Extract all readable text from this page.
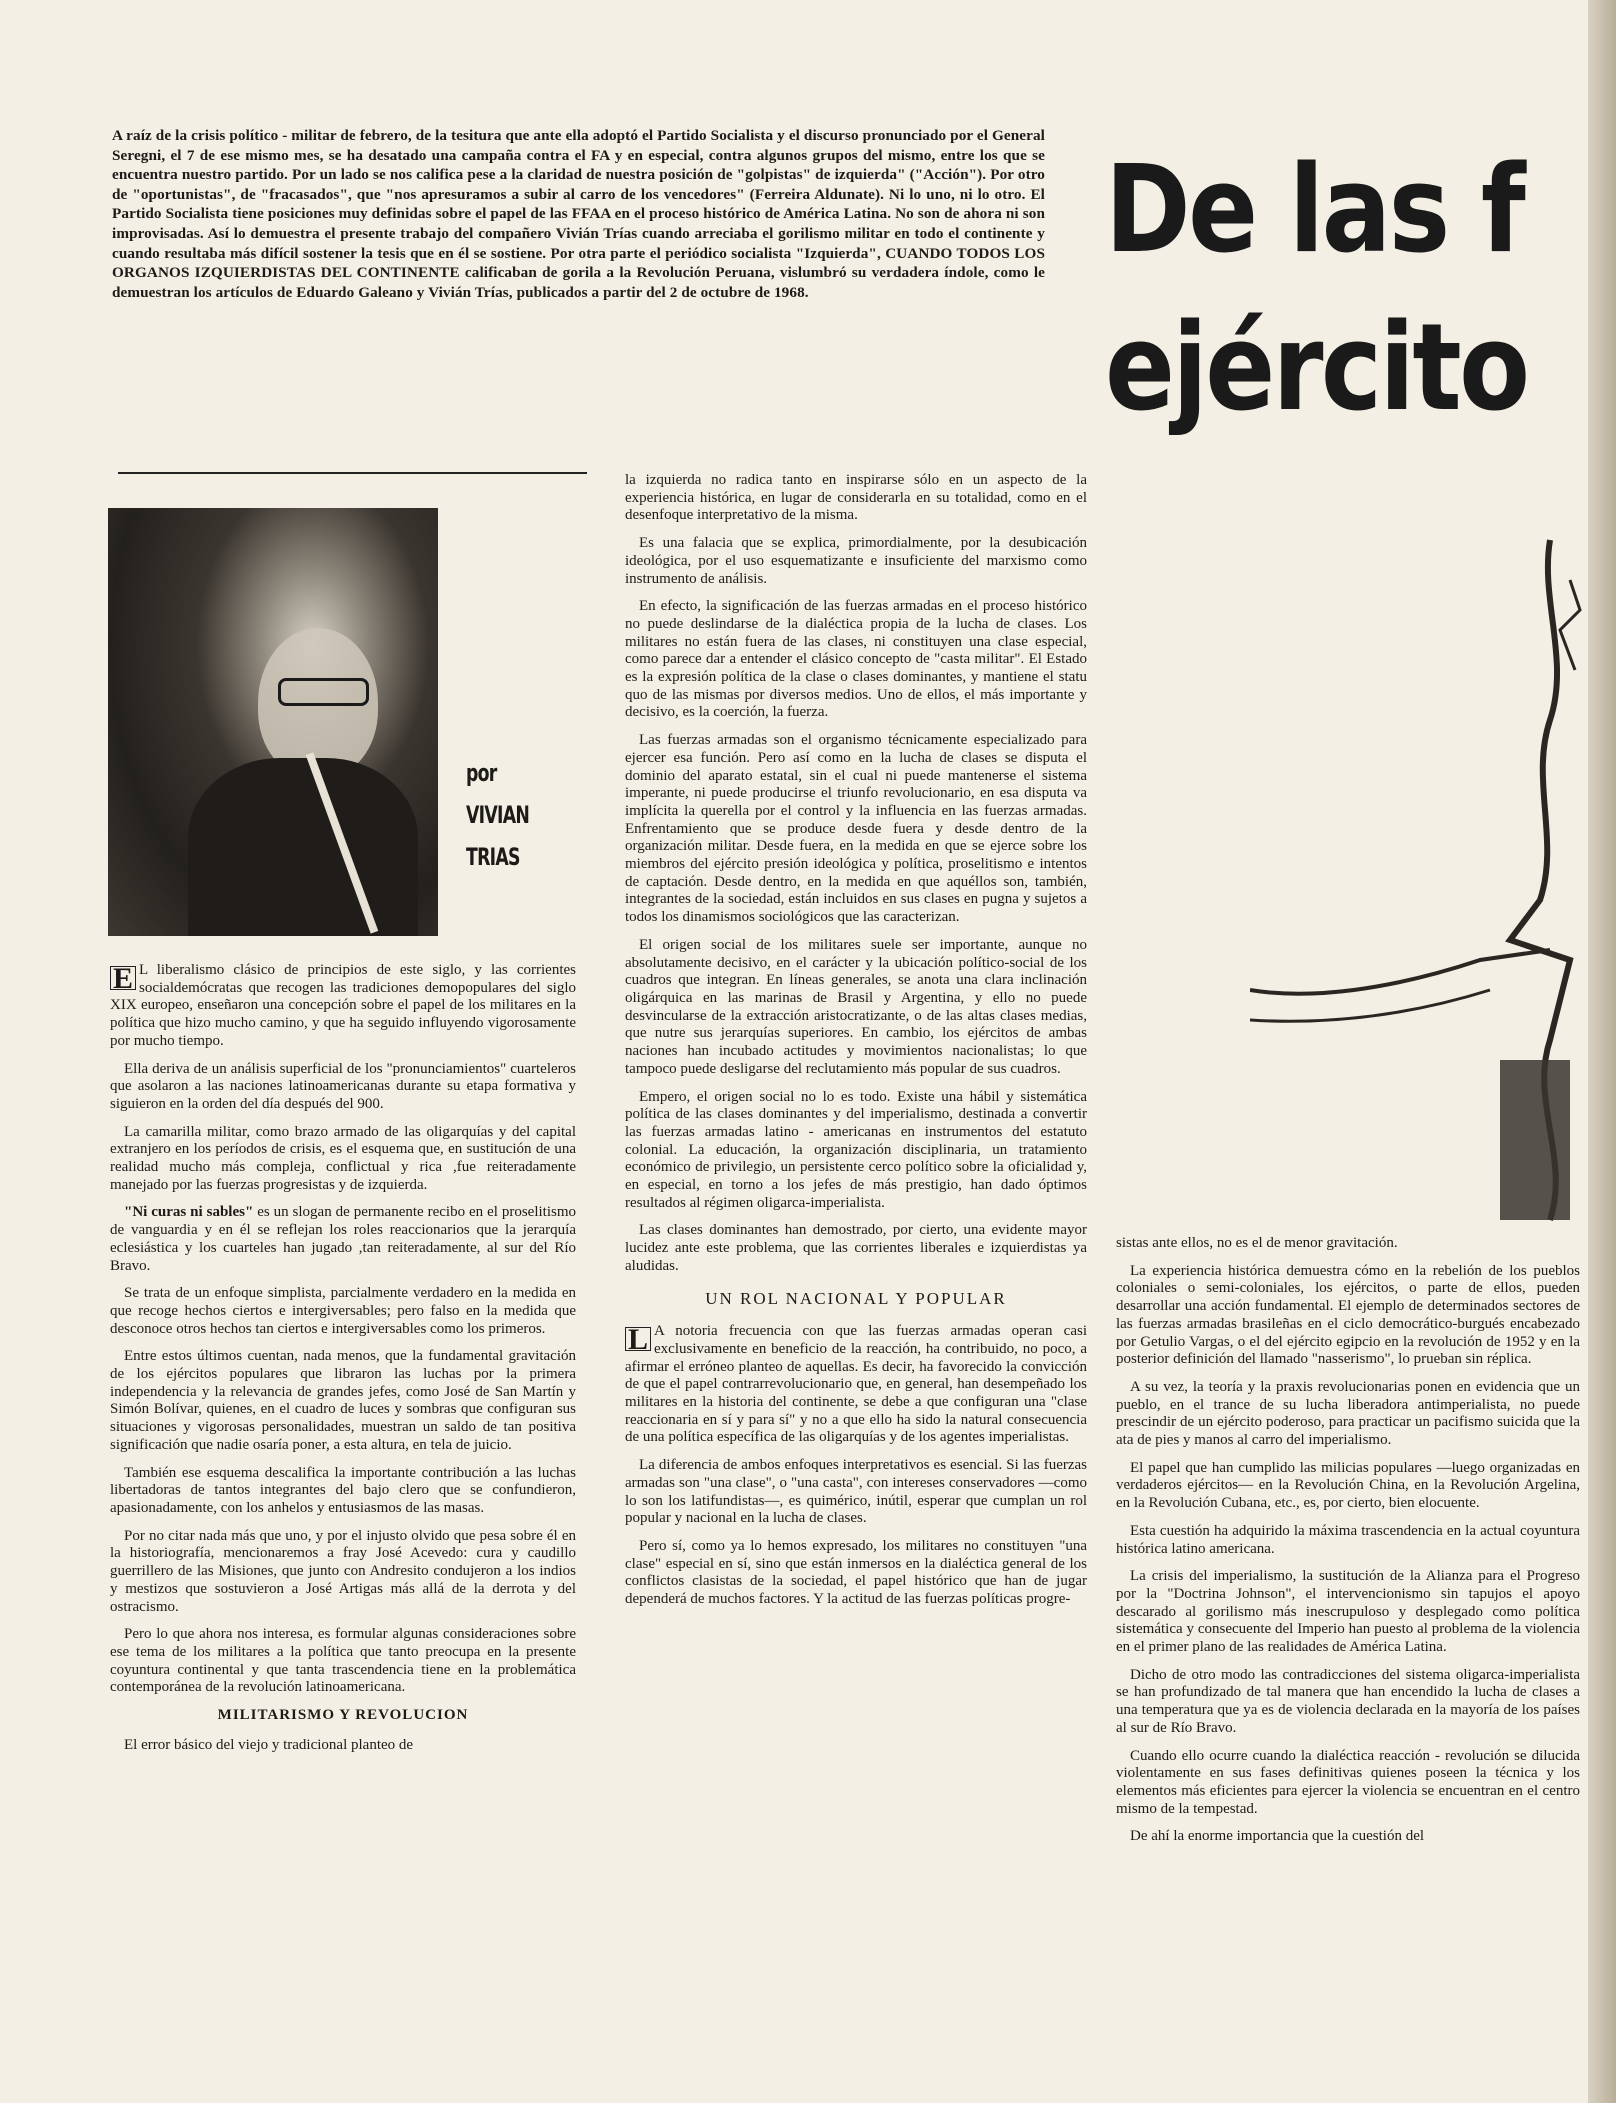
A raíz de la crisis político - militar de febrero, de la tesitura que ante ella adoptó el Partido Socialista y el discurso pronunciado por el General Seregni, el 7 de ese mismo mes, se ha desatado una campaña contra el FA y en especial, contra algunos grupos del mismo, entre los que se encuentra nuestro partido. Por un lado se nos califica pese a la claridad de nuestra posición de "golpistas" de izquierda" ("Acción"). Por otro de "oportunistas", de "fracasados", que "nos apresuramos a subir al carro de los vencedores" (Ferreira Aldunate). Ni lo uno, ni lo otro. El Partido Socialista tiene posiciones muy definidas sobre el papel de las FFAA en el proceso histórico de América Latina. No son de ahora ni son improvisadas. Así lo demuestra el presente trabajo del compañero Vivián Trías cuando arreciaba el gorilismo militar en todo el continente y cuando resultaba más difícil sostener la tesis que en él se sostiene. Por otra parte el periódico socialista "Izquierda", CUANDO TODOS LOS ORGANOS IZQUIERDISTAS DEL CONTINENTE calificaban de gorila a la Revolución Peruana, vislumbró su verdadera índole, como le demuestran los artículos de Eduardo Galeano y Vivián Trías, publicados a partir del 2 de octubre de 1968.

De las f
ejército
por
VIVIAN
TRIAS

E L liberalismo clásico de principios de este siglo, y las corrientes socialdemócratas que recogen las tradiciones demopopulares del siglo XIX europeo, enseñaron una concepción sobre el papel de los militares en la política que hizo mucho camino, y que ha seguido influyendo vigorosamente por mucho tiempo.

Ella deriva de un análisis superficial de los "pronunciamientos" cuarteleros que asolaron a las naciones latinoamericanas durante su etapa formativa y siguieron en la orden del día después del 900.

La camarilla militar, como brazo armado de las oligarquías y del capital extranjero en los períodos de crisis, es el esquema que, en sustitución de una realidad mucho más compleja, conflictual y rica ,fue reiteradamente manejado por las fuerzas progresistas y de izquierda.

"Ni curas ni sables" es un slogan de permanente recibo en el proselitismo de vanguardia y en él se reflejan los roles reaccionarios que la jerarquía eclesiástica y los cuarteles han jugado ,tan reiteradamente, al sur del Río Bravo.

Se trata de un enfoque simplista, parcialmente verdadero en la medida en que recoge hechos ciertos e intergiversables; pero falso en la medida que desconoce otros hechos tan ciertos e intergiversables como los primeros.

Entre estos últimos cuentan, nada menos, que la fundamental gravitación de los ejércitos populares que libraron las luchas por la primera independencia y la relevancia de grandes jefes, como José de San Martín y Simón Bolívar, quienes, en el cuadro de luces y sombras que configuran sus situaciones y vigorosas personalidades, muestran un saldo de tan positiva significación que nadie osaría poner, a esta altura, en tela de juicio.

También ese esquema descalifica la importante contribución a las luchas libertadoras de tantos integrantes del bajo clero que se confundieron, apasionadamente, con los anhelos y entusiasmos de las masas.

Por no citar nada más que uno, y por el injusto olvido que pesa sobre él en la historiografía, mencionaremos a fray José Acevedo: cura y caudillo guerrillero de las Misiones, que junto con Andresito condujeron a los indios y mestizos que sostuvieron a José Artigas más allá de la derrota y del ostracismo.

Pero lo que ahora nos interesa, es formular algunas consideraciones sobre ese tema de los militares a la política que tanto preocupa en la presente coyuntura continental y que tanta trascendencia tiene en la problemática contemporánea de la revolución latinoamericana.

MILITARISMO Y REVOLUCION

El error básico del viejo y tradicional planteo de

la izquierda no radica tanto en inspirarse sólo en un aspecto de la experiencia histórica, en lugar de considerarla en su totalidad, como en el desenfoque interpretativo de la misma.

Es una falacia que se explica, primordialmente, por la desubicación ideológica, por el uso esquematizante e insuficiente del marxismo como instrumento de análisis.

En efecto, la significación de las fuerzas armadas en el proceso histórico no puede deslindarse de la dialéctica propia de la lucha de clases. Los militares no están fuera de las clases, ni constituyen una clase especial, como parece dar a entender el clásico concepto de "casta militar". El Estado es la expresión política de la clase o clases dominantes, y mantiene el statu quo de las mismas por diversos medios. Uno de ellos, el más importante y decisivo, es la coerción, la fuerza.

Las fuerzas armadas son el organismo técnicamente especializado para ejercer esa función. Pero así como en la lucha de clases se disputa el dominio del aparato estatal, sin el cual ni puede mantenerse el sistema imperante, ni puede producirse el triunfo revolucionario, en esa disputa va implícita la querella por el control y la influencia en las fuerzas armadas. Enfrentamiento que se produce desde fuera y desde dentro de la organización militar. Desde fuera, en la medida en que se ejerce sobre los miembros del ejército presión ideológica y política, proselitismo e intentos de captación. Desde dentro, en la medida en que aquéllos son, también, integrantes de la sociedad, están incluidos en sus clases en pugna y sujetos a todos los dinamismos sociológicos que las caracterizan.

El origen social de los militares suele ser importante, aunque no absolutamente decisivo, en el carácter y la ubicación político-social de los cuadros que integran. En líneas generales, se anota una clara inclinación oligárquica en las marinas de Brasil y Argentina, y ello no puede desvincularse de la extracción aristocratizante, o de las altas clases medias, que nutre sus jerarquías superiores. En cambio, los ejércitos de ambas naciones han incubado actitudes y movimientos nacionalistas; lo que tampoco puede desligarse del reclutamiento más popular de sus cuadros.

Empero, el origen social no lo es todo. Existe una hábil y sistemática política de las clases dominantes y del imperialismo, destinada a convertir las fuerzas armadas latino - americanas en instrumentos del estatuto colonial. La educación, la organización disciplinaria, un tratamiento económico de privilegio, un persistente cerco político sobre la oficialidad y, en especial, en torno a los jefes de más prestigio, han dado óptimos resultados al régimen oligarca-imperialista.

Las clases dominantes han demostrado, por cierto, una evidente mayor lucidez ante este problema, que las corrientes liberales e izquierdistas ya aludidas.

UN ROL NACIONAL Y POPULAR

L A notoria frecuencia con que las fuerzas armadas operan casi exclusivamente en beneficio de la reacción, ha contribuido, no poco, a afirmar el erróneo planteo de aquellas. Es decir, ha favorecido la convicción de que el papel contrarrevolucionario que, en general, han desempeñado los militares en la historia del continente, se debe a que configuran una "clase reaccionaria en sí y para sí" y no a que ello ha sido la natural consecuencia de una política específica de las oligarquías y de los agentes imperialistas.

La diferencia de ambos enfoques interpretativos es esencial. Si las fuerzas armadas son "una clase", o "una casta", con intereses conservadores —como lo son los latifundistas—, es quimérico, inútil, esperar que cumplan un rol popular y nacional en la lucha de clases.

Pero sí, como ya lo hemos expresado, los militares no constituyen "una clase" especial en sí, sino que están inmersos en la dialéctica general de los conflictos clasistas de la sociedad, el papel histórico que han de jugar dependerá de muchos factores. Y la actitud de las fuerzas políticas progre-

sistas ante ellos, no es el de menor gravitación.

La experiencia histórica demuestra cómo en la rebelión de los pueblos coloniales o semi-coloniales, los ejércitos, o parte de ellos, pueden desarrollar una acción fundamental. El ejemplo de determinados sectores de las fuerzas armadas brasileñas en el ciclo democrático-burgués encabezado por Getulio Vargas, o el del ejército egipcio en la revolución de 1952 y en la posterior definición del llamado "nasserismo", lo prueban sin réplica.

A su vez, la teoría y la praxis revolucionarias ponen en evidencia que un pueblo, en el trance de su lucha liberadora antimperialista, no puede prescindir de un ejército poderoso, para practicar un pacifismo suicida que la ata de pies y manos al carro del imperialismo.

El papel que han cumplido las milicias populares —luego organizadas en verdaderos ejércitos— en la Revolución China, en la Revolución Argelina, en la Revolución Cubana, etc., es, por cierto, bien elocuente.

Esta cuestión ha adquirido la máxima trascendencia en la actual coyuntura histórica latino americana.

La crisis del imperialismo, la sustitución de la Alianza para el Progreso por la "Doctrina Johnson", el intervencionismo sin tapujos el apoyo descarado al gorilismo más inescrupuloso y desplegado como política sistemática y consecuente del Imperio han puesto al problema de la violencia en el primer plano de las realidades de América Latina.

Dicho de otro modo las contradicciones del sistema oligarca-imperialista se han profundizado de tal manera que han encendido la lucha de clases a una temperatura que ya es de violencia declarada en la mayoría de los países al sur de Río Bravo.

Cuando ello ocurre cuando la dialéctica reacción - revolución se dilucida violentamente en sus fases definitivas quienes poseen la técnica y los elementos más eficientes para ejercer la violencia se encuentran en el centro mismo de la tempestad.

De ahí la enorme importancia que la cuestión del
